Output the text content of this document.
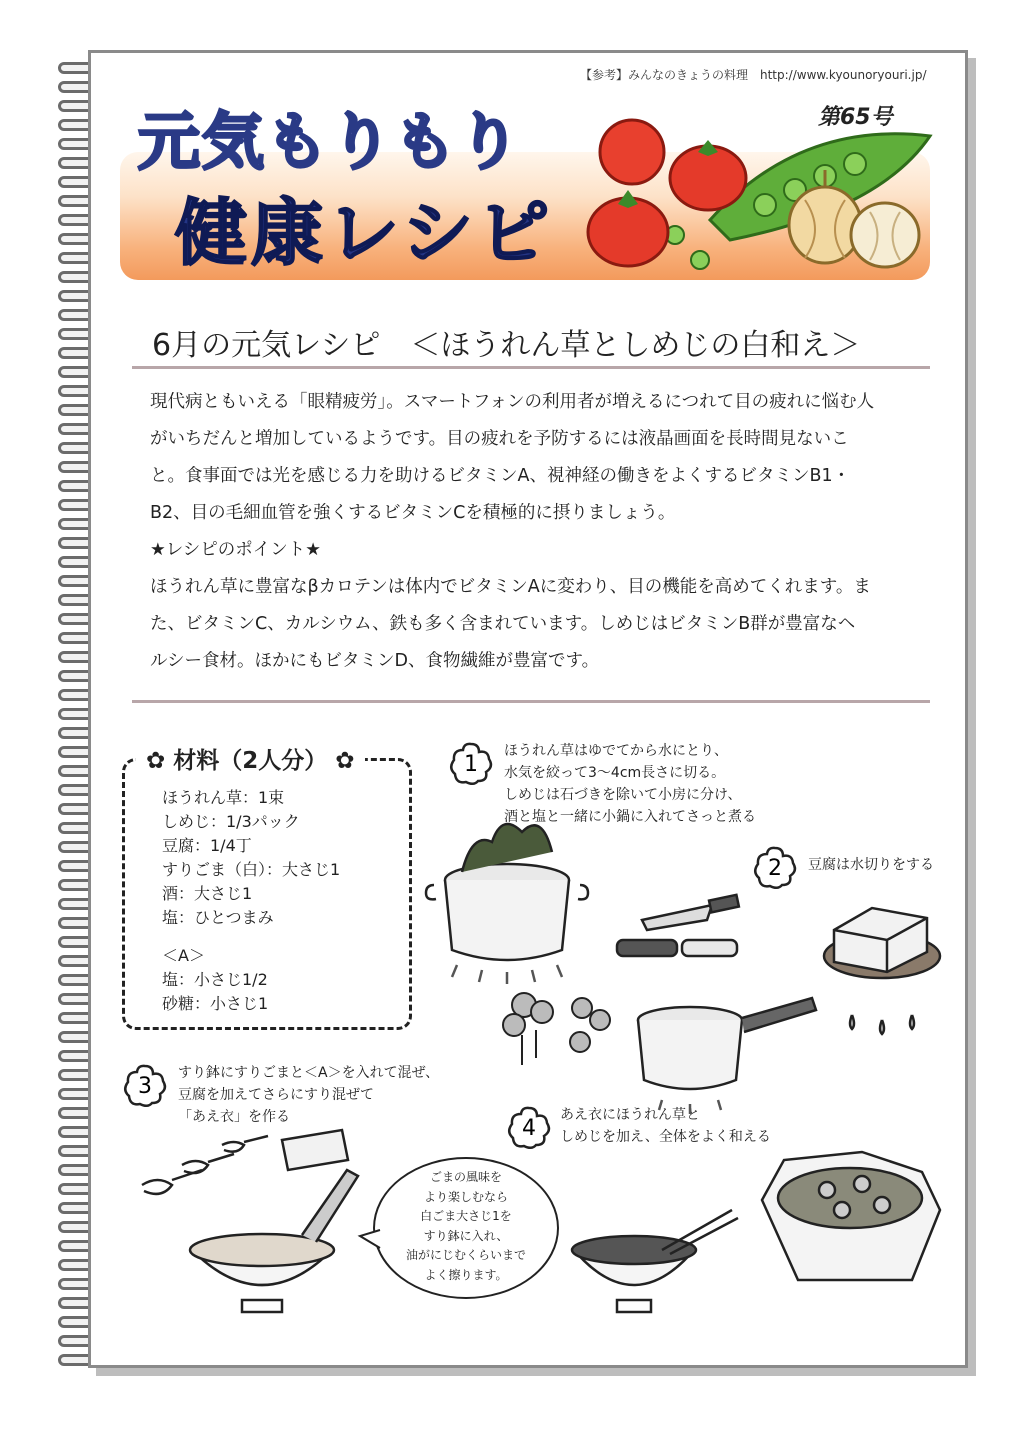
【参考】みんなのきょうの料理　http://www.kyounoryouri.jp/
元気もりもり
健康レシピ
第65号
6月の元気レシピ　＜ほうれん草としめじの白和え＞

現代病ともいえる「眼精疲労」。スマートフォンの利用者が増えるにつれて目の疲れに悩む人

がいちだんと増加しているようです。目の疲れを予防するには液晶画面を長時間見ないこ

と。食事面では光を感じる力を助けるビタミンA、視神経の働きをよくするビタミンB1・

B2、目の毛細血管を強くするビタミンCを積極的に摂りましょう。

★レシピのポイント★

ほうれん草に豊富なβカロテンは体内でビタミンAに変わり、目の機能を高めてくれます。ま

た、ビタミンC、カルシウム、鉄も多く含まれています。しめじはビタミンB群が豊富なヘ

ルシー食材。ほかにもビタミンD、食物繊維が豊富です。

✿ 材料（2人分） ✿
ほうれん草：1束
しめじ：1/3パック
豆腐：1/4丁
すりごま（白）：大さじ1
酒：大さじ1
塩：ひとつまみ
＜A＞
塩：小さじ1/2
砂糖：小さじ1
1
2
3
4
ほうれん草はゆでてから水にとり、
水気を絞って3〜4cm長さに切る。
しめじは石づきを除いて小房に分け、
酒と塩と一緒に小鍋に入れてさっと煮る
豆腐は水切りをする
すり鉢にすりごまと＜A＞を入れて混ぜ、
豆腐を加えてさらにすり混ぜて
「あえ衣」を作る	あえ衣にほうれん草と
しめじを加え、全体をよく和える
ごまの風味を
より楽しむなら
白ごま大さじ1を
すり鉢に入れ、
油がにじむくらいまで
よく擦ります。
